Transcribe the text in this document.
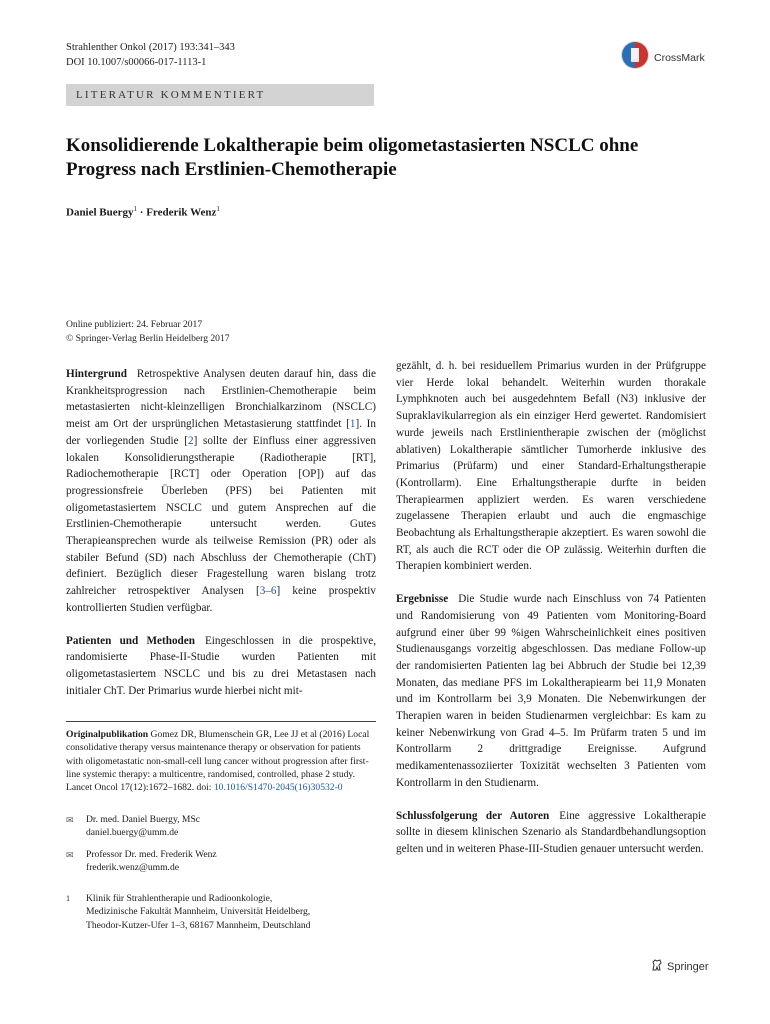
Strahlenther Onkol (2017) 193:341–343
DOI 10.1007/s00066-017-1113-1	CrossMark
LITERATUR KOMMENTIERT
Konsolidierende Lokaltherapie beim oligometastasierten NSCLC ohne Progress nach Erstlinien-Chemotherapie
Daniel Buergy$^1$ · Frederik Wenz$^1$
Online publiziert: 24. Februar 2017
© Springer-Verlag Berlin Heidelberg 2017

Hintergrund Retrospektive Analysen deuten darauf hin, dass die Krankheitsprogression nach Erstlinien-Chemotherapie beim metastasierten nicht-kleinzelligen Bronchialkarzinom (NSCLC) meist am Ort der ursprünglichen Metastasierung stattfindet [1]. In der vorliegenden Studie [2] sollte der Einfluss einer aggressiven lokalen Konsolidierungstherapie (Radiotherapie [RT], Radiochemotherapie [RCT] oder Operation [OP]) auf das progressionsfreie Überleben (PFS) bei Patienten mit oligometastasiertem NSCLC und gutem Ansprechen auf die Erstlinien-Chemotherapie untersucht werden. Gutes Therapieansprechen wurde als teilweise Remission (PR) oder als stabiler Befund (SD) nach Abschluss der Chemotherapie (ChT) definiert. Bezüglich dieser Fragestellung waren bislang trotz zahlreicher retrospektiver Analysen [3–6] keine prospektiv kontrollierten Studien verfügbar.

Patienten und Methoden Eingeschlossen in die prospektive, randomisierte Phase-II-Studie wurden Patienten mit oligometastasiertem NSCLC und bis zu drei Metastasen nach initialer ChT. Der Primarius wurde hierbei nicht mit-

gezählt, d. h. bei residuellem Primarius wurden in der Prüfgruppe vier Herde lokal behandelt. Weiterhin wurden thorakale Lymphknoten auch bei ausgedehntem Befall (N3) inklusive der Supraklavikularregion als ein einziger Herd gewertet. Randomisiert wurde jeweils nach Erstlinientherapie zwischen der (möglichst ablativen) Lokaltherapie sämtlicher Tumorherde inklusive des Primarius (Prüfarm) und einer Standard-Erhaltungstherapie (Kontrollarm). Eine Erhaltungstherapie durfte in beiden Therapiearmen appliziert werden. Es waren verschiedene zugelassene Therapien erlaubt und auch die engmaschige Beobachtung als Erhaltungstherapie akzeptiert. Es waren sowohl die RT, als auch die RCT oder die OP zulässig. Weiterhin durften die Therapien kombiniert werden.

Ergebnisse Die Studie wurde nach Einschluss von 74 Patienten und Randomisierung von 49 Patienten vom Monitoring-Board aufgrund einer über 99 %igen Wahrscheinlichkeit eines positiven Studienausgangs vorzeitig abgeschlossen. Das mediane Follow-up der randomisierten Patienten lag bei Abbruch der Studie bei 12,39 Monaten, das mediane PFS im Lokaltherapiearm bei 11,9 Monaten und im Kontrollarm bei 3,9 Monaten. Die Nebenwirkungen der Therapien waren in beiden Studienarmen vergleichbar: Es kam zu keiner Nebenwirkung von Grad 4–5. Im Prüfarm traten 5 und im Kontrollarm 2 drittgradige Ereignisse. Aufgrund medikamentenassoziierter Toxizität wechselten 3 Patienten vom Kontrollarm in den Studienarm.

Schlussfolgerung der Autoren Eine aggressive Lokaltherapie sollte in diesem klinischen Szenario als Standardbehandlungsoption gelten und in weiteren Phase-III-Studien genauer untersucht werden.

Originalpublikation Gomez DR, Blumenschein GR, Lee JJ et al (2016) Local consolidative therapy versus maintenance therapy or observation for patients with oligometastatic non-small-cell lung cancer without progression after first-line systemic therapy: a multicentre, randomised, controlled, phase 2 study. Lancet Oncol 17(12):1672–1682. doi: 10.1016/S1470-2045(16)30532-0
✉	Dr. med. Daniel Buergy, MSc
daniel.buergy@umm.de
✉	Professor Dr. med. Frederik Wenz
frederik.wenz@umm.de
1	Klinik für Strahlentherapie und Radioonkologie,
Medizinische Fakultät Mannheim, Universität Heidelberg,
Theodor-Kutzer-Ufer 1–3, 68167 Mannheim, Deutschland
Springer
